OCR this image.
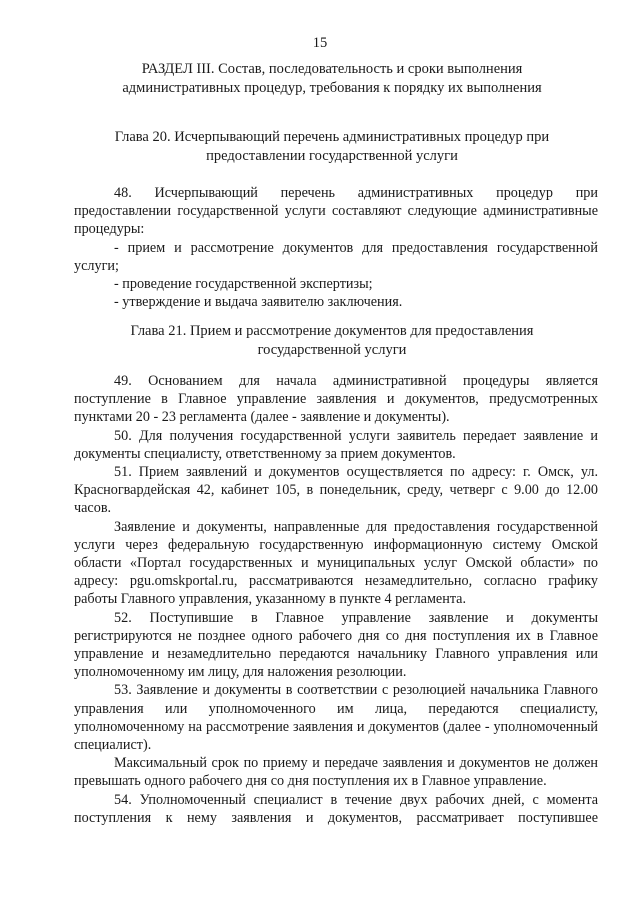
15
РАЗДЕЛ III. Состав, последовательность и сроки выполнения административных процедур, требования к порядку их выполнения
Глава 20. Исчерпывающий перечень административных процедур при предоставлении государственной услуги

48. Исчерпывающий перечень административных процедур при предоставлении государственной услуги составляют следующие административные процедуры:

- прием и рассмотрение документов для предоставления государственной услуги;

- проведение государственной экспертизы;

- утверждение и выдача заявителю заключения.

Глава 21. Прием и рассмотрение документов для предоставления государственной услуги

49. Основанием для начала административной процедуры является поступление в Главное управление заявления и документов, предусмотренных пунктами 20 - 23 регламента (далее - заявление и документы).

50. Для получения государственной услуги заявитель передает заявление и документы специалисту, ответственному за прием документов.

51. Прием заявлений и документов осуществляется по адресу: г. Омск, ул. Красногвардейская 42, кабинет 105, в понедельник, среду, четверг с 9.00 до 12.00 часов.

Заявление и документы, направленные для предоставления государственной услуги через федеральную государственную информационную систему Омской области «Портал государственных и муниципальных услуг Омской области» по адресу: pgu.omskportal.ru, рассматриваются незамедлительно, согласно графику работы Главного управления, указанному в пункте 4 регламента.

52. Поступившие в Главное управление заявление и документы регистрируются не позднее одного рабочего дня со дня поступления их в Главное управление и незамедлительно передаются начальнику Главного управления или уполномоченному им лицу, для наложения резолюции.

53. Заявление и документы в соответствии с резолюцией начальника Главного управления или уполномоченного им лица, передаются специалисту, уполномоченному на рассмотрение заявления и документов (далее - уполномоченный специалист).

Максимальный срок по приему и передаче заявления и документов не должен превышать одного рабочего дня со дня поступления их в Главное управление.

54. Уполномоченный специалист в течение двух рабочих дней, с момента поступления к нему заявления и документов, рассматривает поступившее
